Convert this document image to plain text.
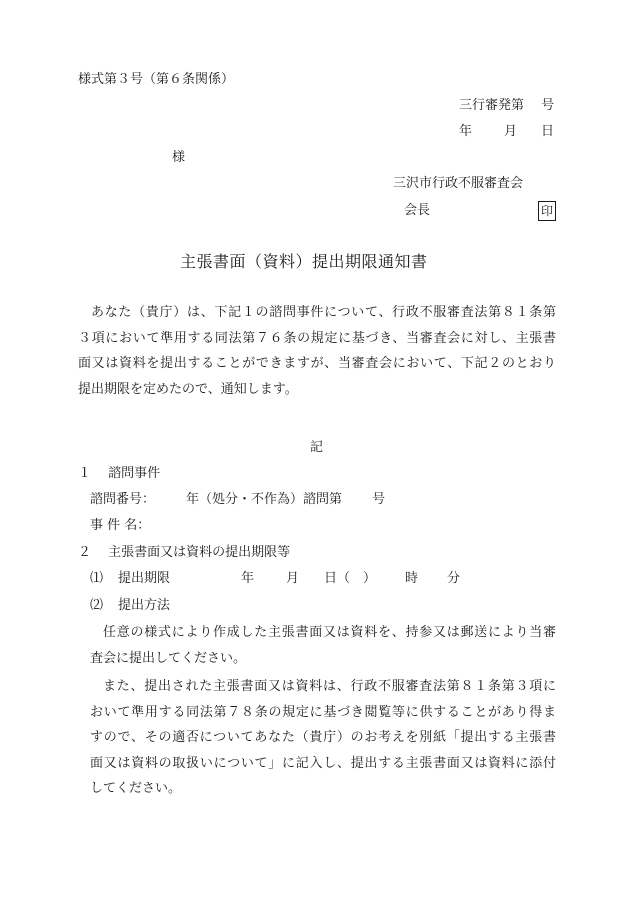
様式第３号（第６条関係）
三行審発第　 号
年 月 日
様
三沢市行政不服審査会
会長	印
主張書面（資料）提出期限通知書
あなた（貴庁）は、下記１の諮問事件について、行政不服審査法第８１条第
３項において準用する同法第７６条の規定に基づき、当審査会に対し、主張書
面又は資料を提出することができますが、当審査会において、下記２のとおり
提出期限を定めたので、通知します。
記
１　 諮問事件
諮問番号： 年（処分・不作為）諮問第　　 号
事 件 名：
２　 主張書面又は資料の提出期限等
⑴ 提出期限	年 月 日（　） 時 分
⑵ 提出方法
任意の様式により作成した主張書面又は資料を、持参又は郵送により当審
査会に提出してください。
また、提出された主張書面又は資料は、行政不服審査法第８１条第３項に
おいて準用する同法第７８条の規定に基づき閲覧等に供することがあり得ま
すので、その適否についてあなた（貴庁）のお考えを別紙「提出する主張書
面又は資料の取扱いについて」に記入し、提出する主張書面又は資料に添付
してください。
